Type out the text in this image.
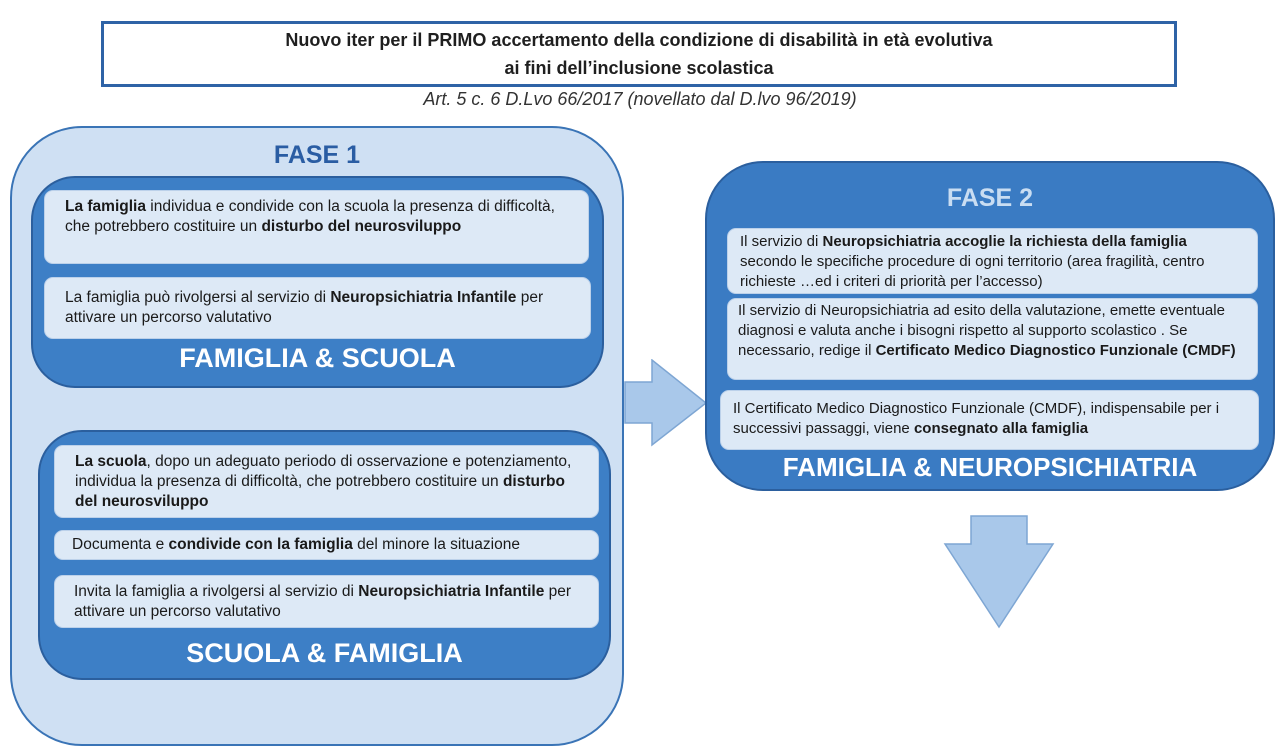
Nuovo iter per il PRIMO accertamento della condizione di disabilità in età evolutiva
ai fini dell’inclusione scolastica
Art. 5 c. 6 D.Lvo 66/2017 (novellato dal D.lvo 96/2019)
FASE 1
La famiglia individua e condivide con la scuola la presenza di difficoltà, che potrebbero costituire un disturbo del neurosviluppo
La famiglia può rivolgersi al servizio di Neuropsichiatria Infantile per attivare un percorso valutativo
FAMIGLIA & SCUOLA
La scuola, dopo un adeguato periodo di osservazione e potenziamento, individua la presenza di difficoltà, che potrebbero costituire un disturbo del neurosviluppo
Documenta e condivide con la famiglia del minore la situazione
Invita la famiglia a rivolgersi al servizio di Neuropsichiatria Infantile per attivare un percorso valutativo
SCUOLA & FAMIGLIA
FASE 2
Il servizio di Neuropsichiatria accoglie la richiesta della famiglia secondo le specifiche procedure di ogni territorio (area fragilità, centro richieste …ed i criteri di priorità per l’accesso)
Il servizio di Neuropsichiatria ad esito della valutazione, emette eventuale diagnosi e valuta anche i bisogni rispetto al supporto scolastico . Se necessario, redige il Certificato Medico Diagnostico Funzionale (CMDF)
Il Certificato Medico Diagnostico Funzionale (CMDF), indispensabile per i successivi passaggi, viene consegnato alla famiglia
FAMIGLIA & NEUROPSICHIATRIA
